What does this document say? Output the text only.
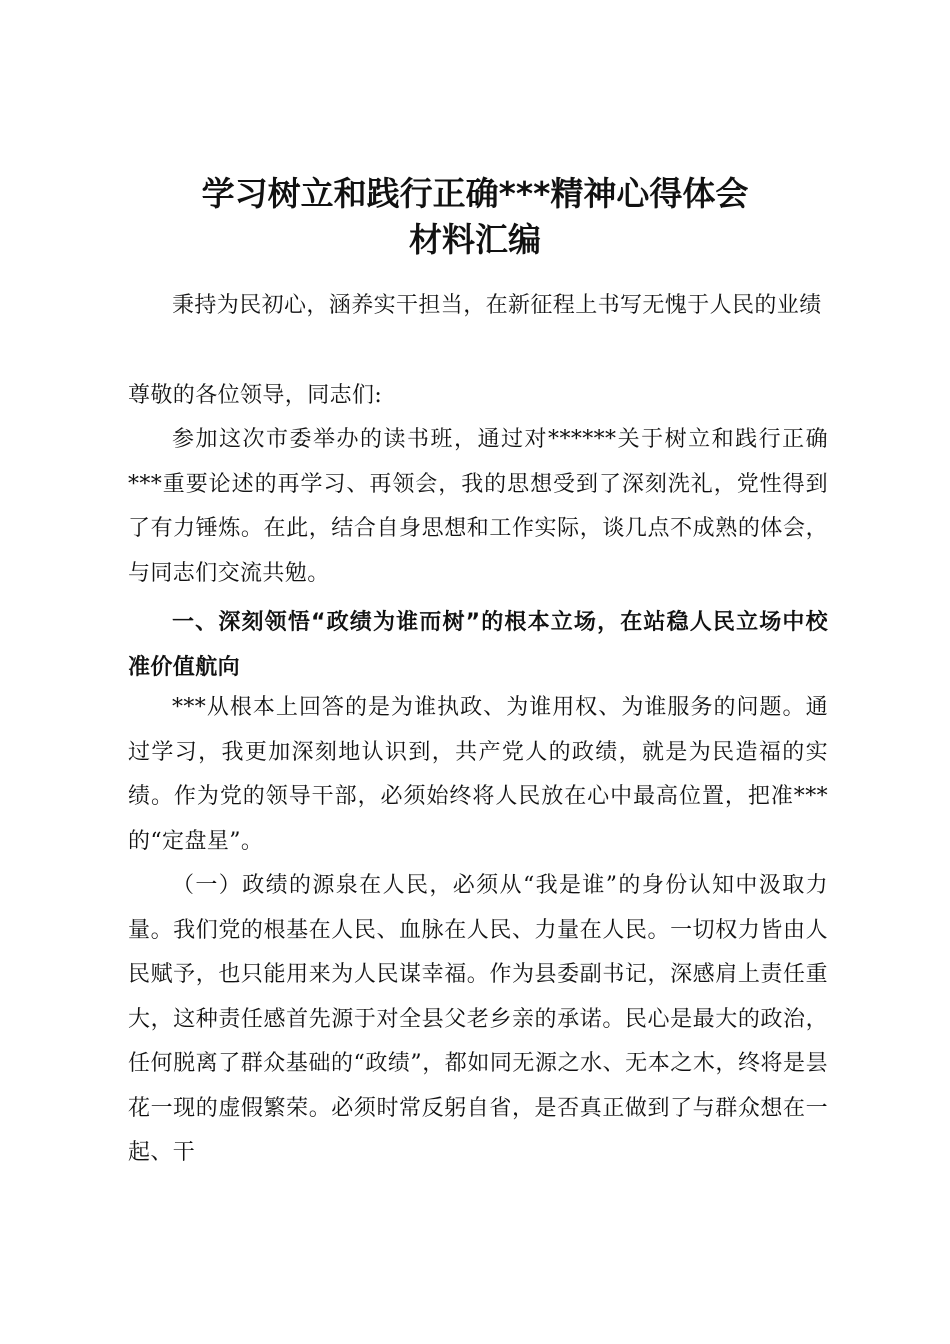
学习树立和践行正确***精神心得体会
材料汇编

秉持为民初心，涵养实干担当，在新征程上书写无愧于人民的业绩

尊敬的各位领导，同志们:

参加这次市委举办的读书班，通过对******关于树立和践行正确***重要论述的再学习、再领会，我的思想受到了深刻洗礼，党性得到了有力锤炼。在此，结合自身思想和工作实际，谈几点不成熟的体会，与同志们交流共勉。

一、深刻领悟“政绩为谁而树”的根本立场，在站稳人民立场中校准价值航向

***从根本上回答的是为谁执政、为谁用权、为谁服务的问题。通过学习，我更加深刻地认识到，共产党人的政绩，就是为民造福的实绩。作为党的领导干部，必须始终将人民放在心中最高位置，把准***的“定盘星”。

（一）政绩的源泉在人民，必须从“我是谁”的身份认知中汲取力量。我们党的根基在人民、血脉在人民、力量在人民。一切权力皆由人民赋予，也只能用来为人民谋幸福。作为县委副书记，深感肩上责任重大，这种责任感首先源于对全县父老乡亲的承诺。民心是最大的政治，任何脱离了群众基础的“政绩”，都如同无源之水、无本之木，终将是昙花一现的虚假繁荣。必须时常反躬自省，是否真正做到了与群众想在一起、干
